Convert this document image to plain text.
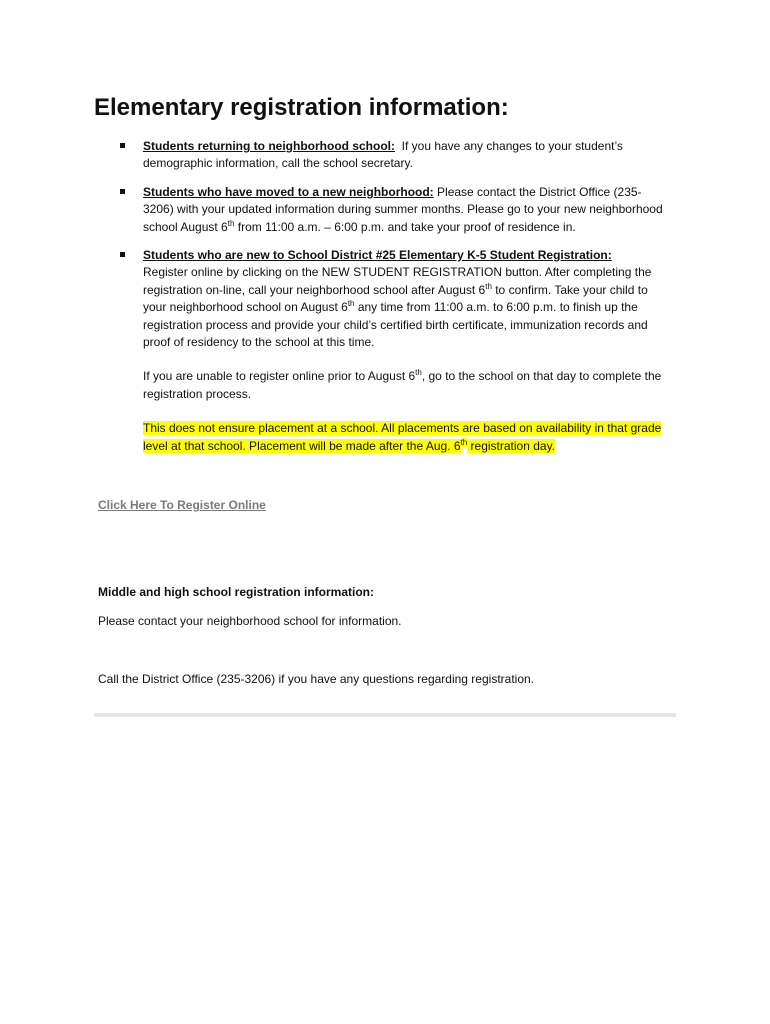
Elementary registration information:
Students returning to neighborhood school:  If you have any changes to your student’s demographic information, call the school secretary.
Students who have moved to a new neighborhood: Please contact the District Office (235-3206) with your updated information during summer months. Please go to your new neighborhood school August 6th from 11:00 a.m. – 6:00 p.m. and take your proof of residence in.
Students who are new to School District #25 Elementary K-5 Student Registration:
Register online by clicking on the NEW STUDENT REGISTRATION button. After completing the registration on-line, call your neighborhood school after August 6th to confirm. Take your child to your neighborhood school on August 6th any time from 11:00 a.m. to 6:00 p.m. to finish up the registration process and provide your child’s certified birth certificate, immunization records and proof of residency to the school at this time.

If you are unable to register online prior to August 6th, go to the school on that day to complete the registration process.

This does not ensure placement at a school. All placements are based on availability in that grade level at that school. Placement will be made after the Aug. 6th registration day.

Click Here To Register Online

Middle and high school registration information:

Please contact your neighborhood school for information.

Call the District Office (235-3206) if you have any questions regarding registration.
